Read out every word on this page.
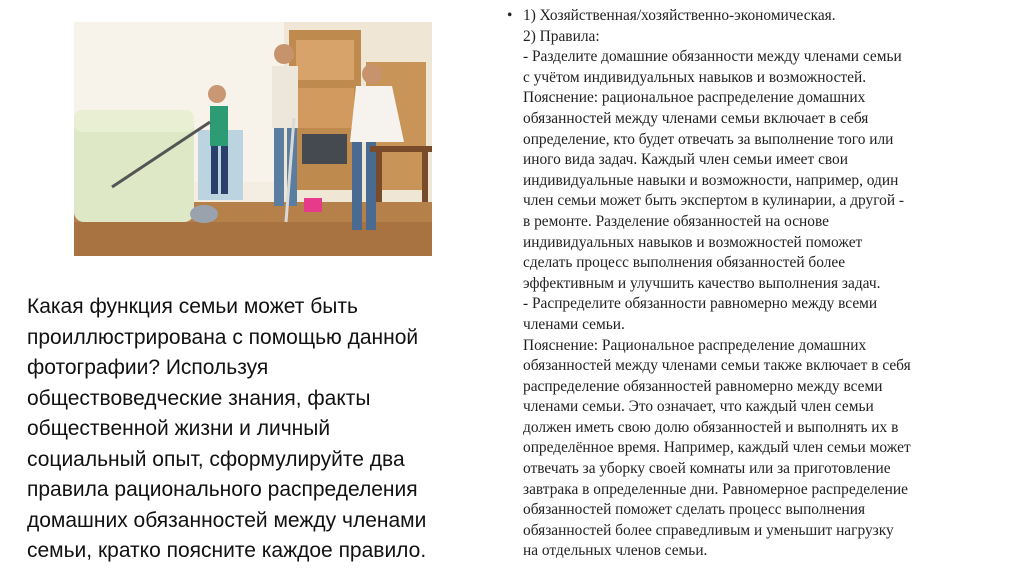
Какая функция семьи может быть
проиллюстрирована с помощью данной
фотографии? Используя
обществоведческие знания, факты
общественной жизни и личный
социальный опыт, сформулируйте два
правила рационального распределения
домашних обязанностей между членами
семьи, кратко поясните каждое правило.
• 1) Хозяйственная/хозяйственно-экономическая.
2) Правила:
- Разделите домашние обязанности между членами семьи
с учётом индивидуальных навыков и возможностей.
Пояснение: рациональное распределение домашних
обязанностей между членами семьи включает в себя
определение, кто будет отвечать за выполнение того или
иного вида задач. Каждый член семьи имеет свои
индивидуальные навыки и возможности, например, один
член семьи может быть экспертом в кулинарии, а другой -
в ремонте. Разделение обязанностей на основе
индивидуальных навыков и возможностей поможет
сделать процесс выполнения обязанностей более
эффективным и улучшить качество выполнения задач.
- Распределите обязанности равномерно между всеми
членами семьи.
Пояснение: Рациональное распределение домашних
обязанностей между членами семьи также включает в себя
распределение обязанностей равномерно между всеми
членами семьи. Это означает, что каждый член семьи
должен иметь свою долю обязанностей и выполнять их в
определённое время. Например, каждый член семьи может
отвечать за уборку своей комнаты или за приготовление
завтрака в определенные дни. Равномерное распределение
обязанностей поможет сделать процесс выполнения
обязанностей более справедливым и уменьшит нагрузку
на отдельных членов семьи.
